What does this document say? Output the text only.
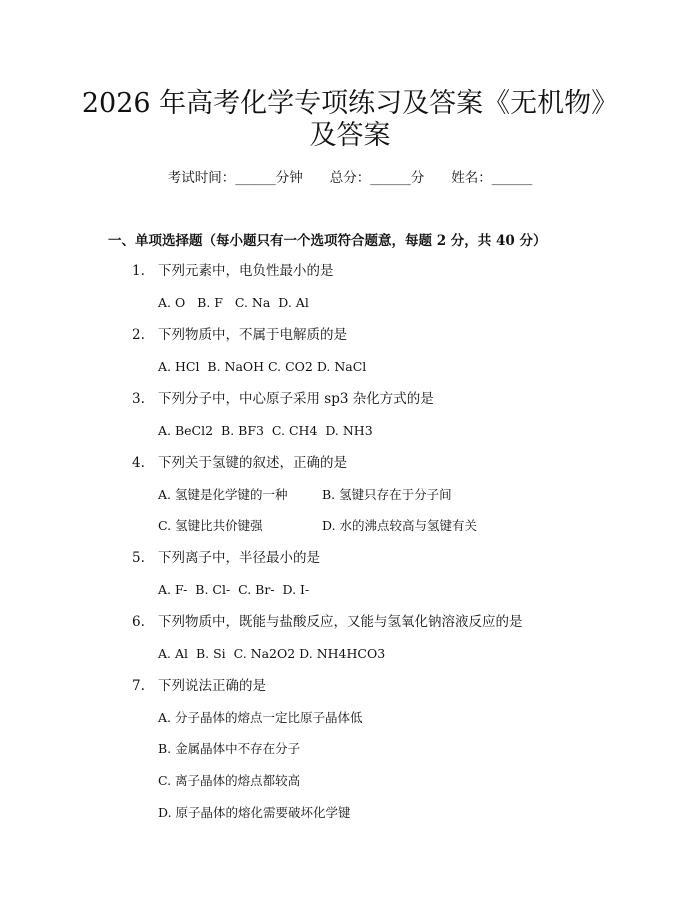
2026 年高考化学专项练习及答案《无机物》
及答案
考试时间：______分钟　　总分：______分　　姓名：______
一、单项选择题（每小题只有一个选项符合题意，每题 2 分，共 40 分）
1. 下列元素中，电负性最小的是
A. O   B. F   C. Na  D. Al
2. 下列物质中，不属于电解质的是
A. HCl  B. NaOH C. CO2 D. NaCl
3. 下列分子中，中心原子采用 sp3 杂化方式的是
A. BeCl2  B. BF3  C. CH4  D. NH3
4. 下列关于氢键的叙述，正确的是
A. 氢键是化学键的一种	B. 氢键只存在于分子间
C. 氢键比共价键强	D. 水的沸点较高与氢键有关
5. 下列离子中，半径最小的是
A. F-  B. Cl-  C. Br-  D. I-
6. 下列物质中，既能与盐酸反应，又能与氢氧化钠溶液反应的是
A. Al  B. Si  C. Na2O2 D. NH4HCO3
7. 下列说法正确的是
A. 分子晶体的熔点一定比原子晶体低
B. 金属晶体中不存在分子
C. 离子晶体的熔点都较高
D. 原子晶体的熔化需要破坏化学键
